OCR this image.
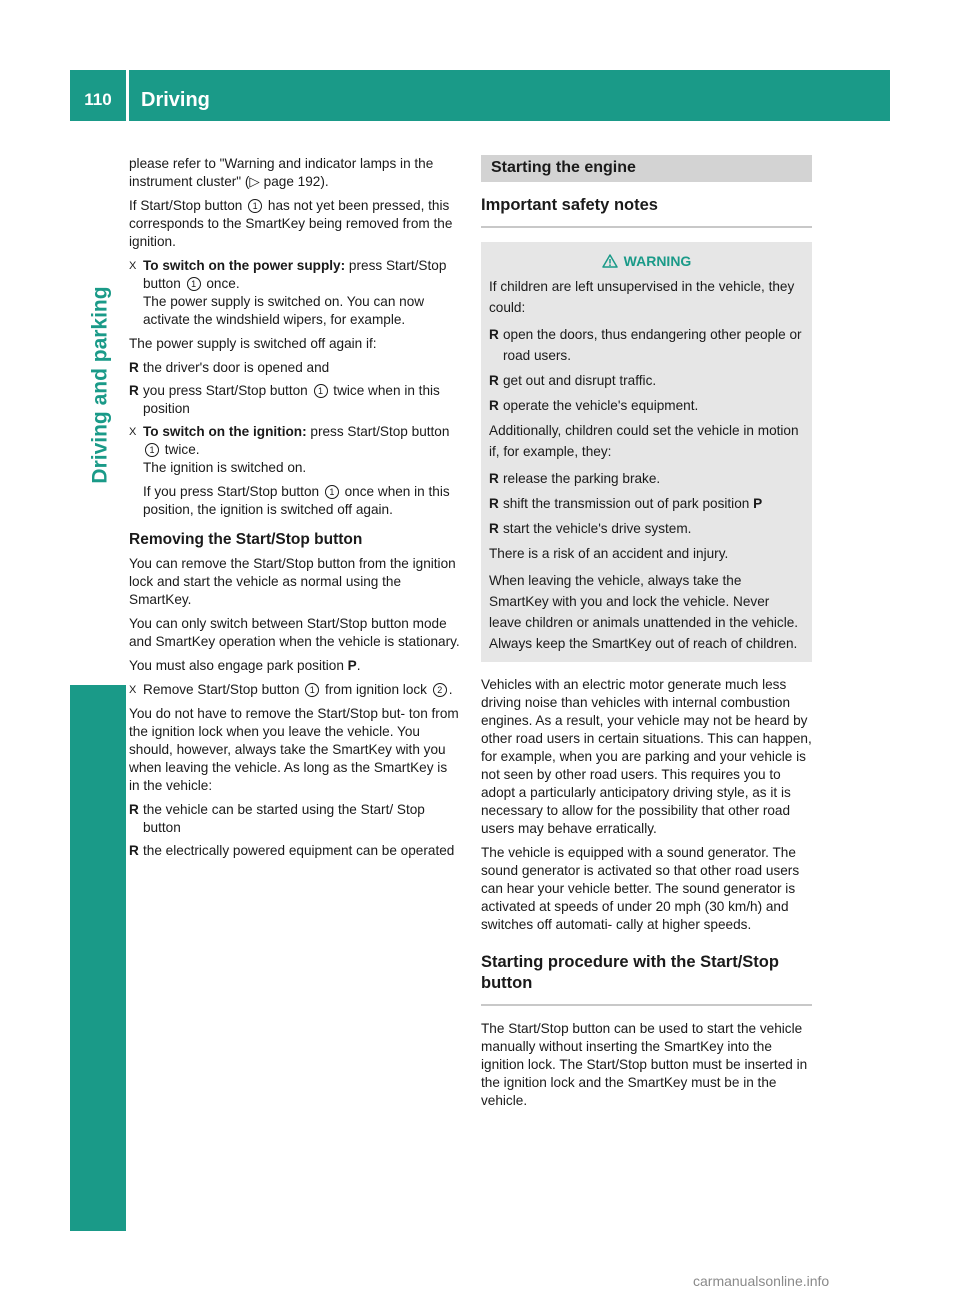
110	Driving
Driving and parking

please refer to "Warning and indicator lamps in the instrument cluster" (▷ page 192).

If Start/Stop button 1 has not yet been pressed, this corresponds to the SmartKey being removed from the ignition.

X To switch on the power supply: press Start/Stop button 1 once.
The power supply is switched on. You can now activate the windshield wipers, for example.

The power supply is switched off again if:

R the driver's door is opened and
R you press Start/Stop button 1 twice when in this position
X To switch on the ignition: press Start/Stop button 1 twice.
The ignition is switched on.

If you press Start/Stop button 1 once when in this position, the ignition is switched off again.

Removing the Start/Stop button

You can remove the Start/Stop button from the ignition lock and start the vehicle as normal using the SmartKey.

You can only switch between Start/Stop button mode and SmartKey operation when the vehicle is stationary.

You must also engage park position P.

X Remove Start/Stop button 1 from ignition lock 2 .

You do not have to remove the Start/Stop but- ton from the ignition lock when you leave the vehicle. You should, however, always take the SmartKey with you when leaving the vehicle. As long as the SmartKey is in the vehicle:

R the vehicle can be started using the Start/ Stop button
R the electrically powered equipment can be operated
Starting the engine
Important safety notes
WARNING

If children are left unsupervised in the vehicle, they could:

R open the doors, thus endangering other people or road users.
R get out and disrupt traffic.
R operate the vehicle's equipment.

Additionally, children could set the vehicle in motion if, for example, they:

R release the parking brake.
R shift the transmission out of park position P
R start the vehicle's drive system.

There is a risk of an accident and injury.

When leaving the vehicle, always take the SmartKey with you and lock the vehicle. Never leave children or animals unattended in the vehicle. Always keep the SmartKey out of reach of children.

Vehicles with an electric motor generate much less driving noise than vehicles with internal combustion engines. As a result, your vehicle may not be heard by other road users in certain situations. This can happen, for example, when you are parking and your vehicle is not seen by other road users. This requires you to adopt a particularly anticipatory driving style, as it is necessary to allow for the possibility that other road users may behave erratically.

The vehicle is equipped with a sound generator. The sound generator is activated so that other road users can hear your vehicle better. The sound generator is activated at speeds of under 20 mph (30 km/h) and switches off automati- cally at higher speeds.

Starting procedure with the Start/Stop button

The Start/Stop button can be used to start the vehicle manually without inserting the SmartKey into the ignition lock. The Start/Stop button must be inserted in the ignition lock and the SmartKey must be in the vehicle.

carmanualsonline.info
